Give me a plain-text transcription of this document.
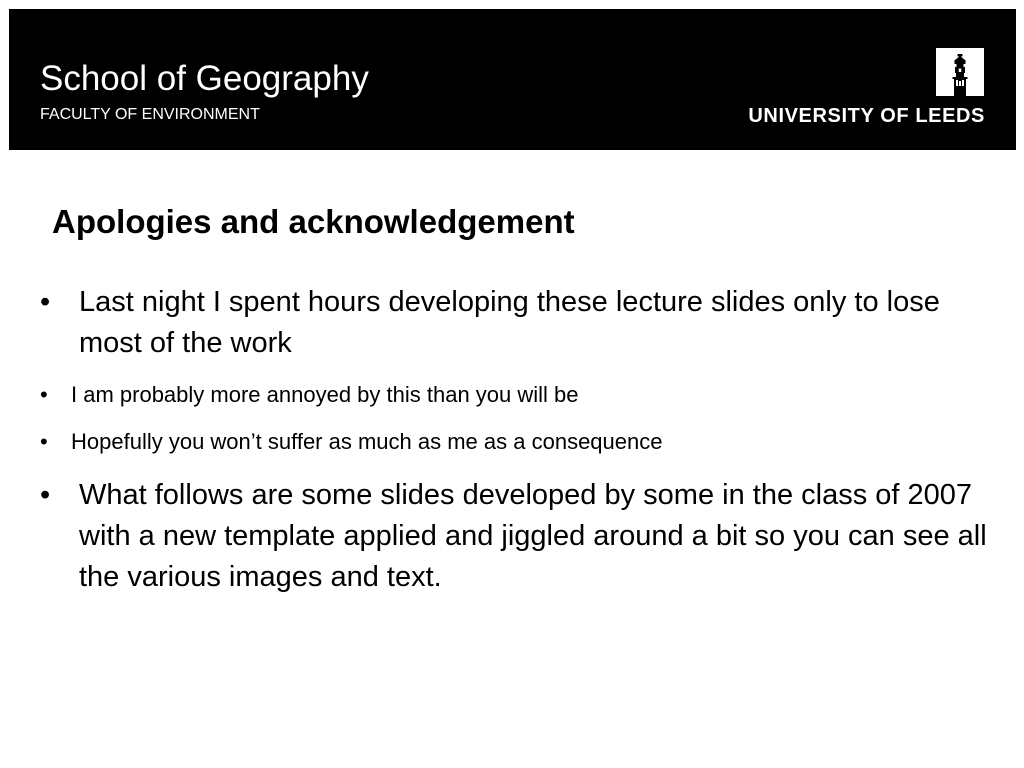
School of Geography
FACULTY OF ENVIRONMENT	UNIVERSITY OF LEEDS
Apologies and acknowledgement
• Last night I spent hours developing these lecture slides only to lose most of the work
• I am probably more annoyed by this than you will be
• Hopefully you won’t suffer as much as me as a consequence
• What follows are some slides developed by some in the class of 2007 with a new template applied and jiggled around a bit so you can see all the various images and text.
